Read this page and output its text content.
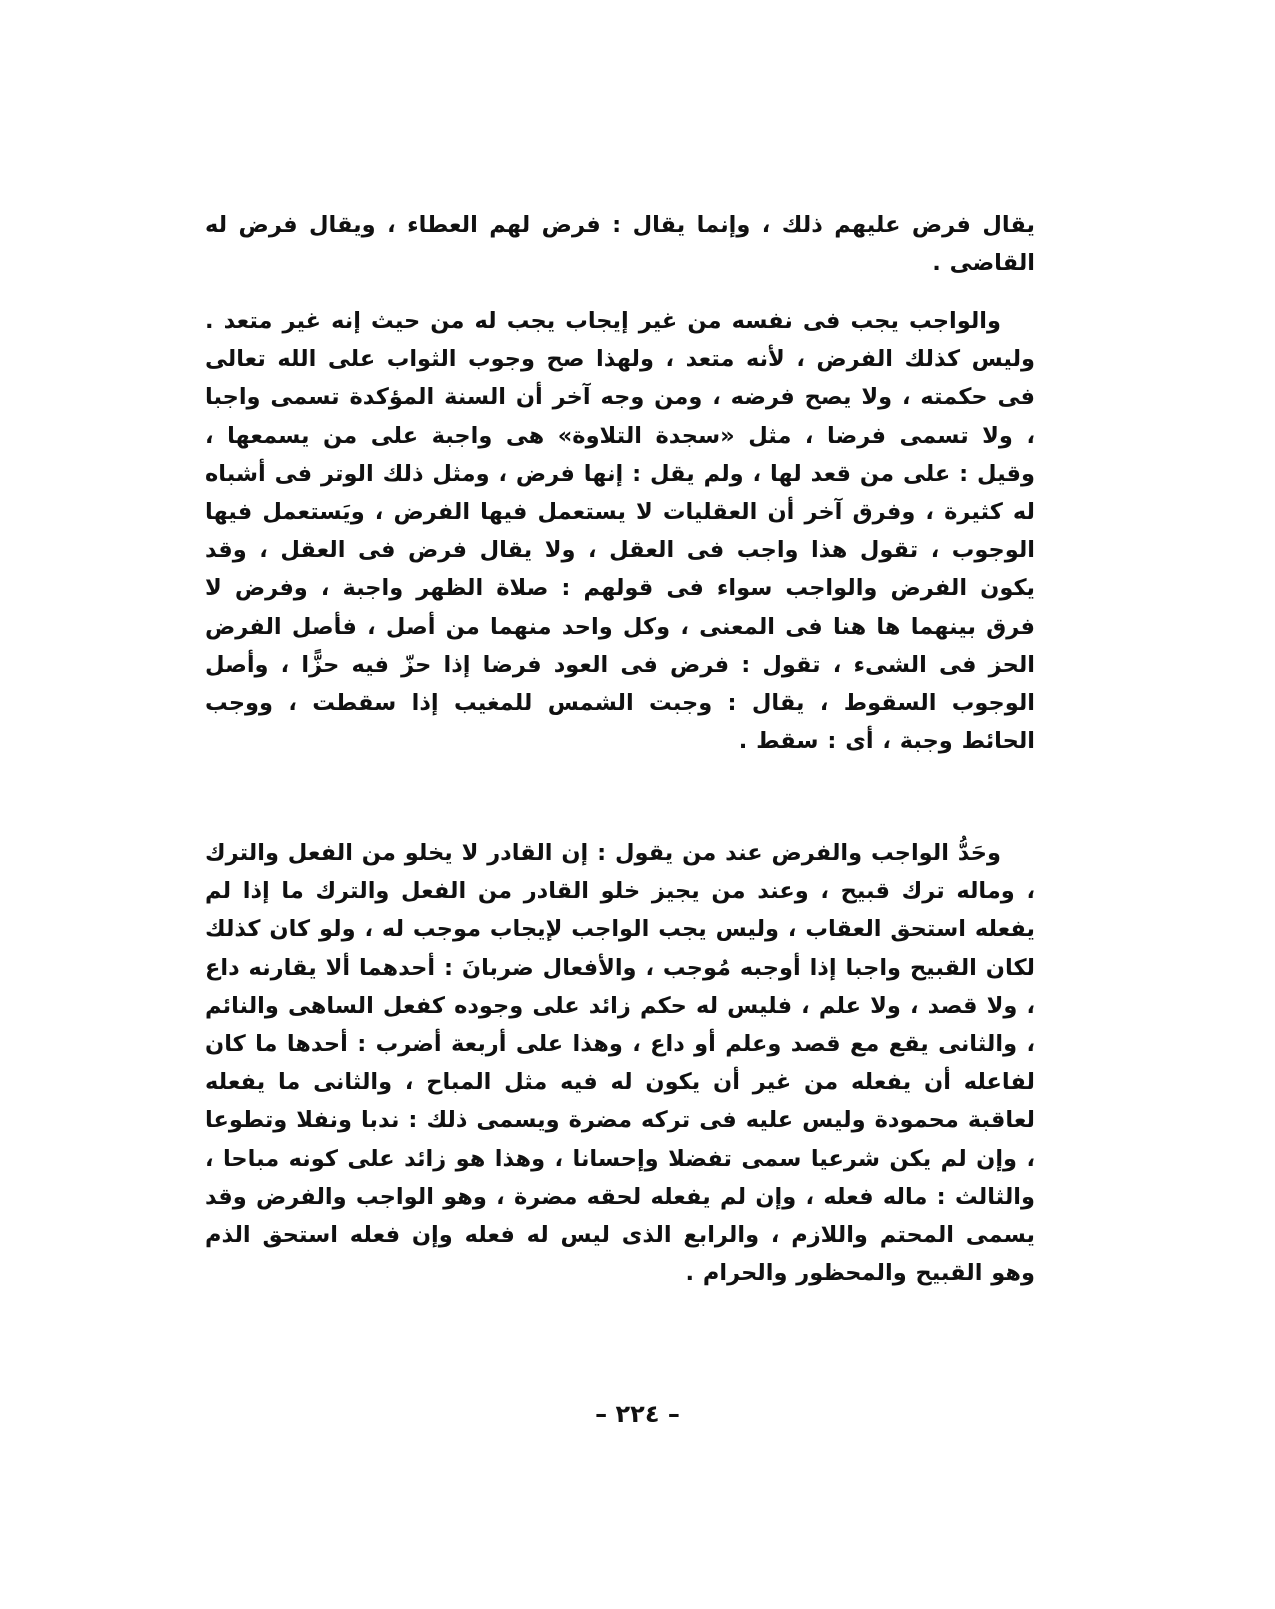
يقال فرض عليهم ذلك ، وإنما يقال : فرض لهم العطاء ، ويقال فرض له القاضى .

والواجب يجب فى نفسه من غير إيجاب يجب له من حيث إنه غير متعد . وليس كذلك الفرض ، لأنه متعد ، ولهذا صح وجوب الثواب على الله تعالى فى حكمته ، ولا يصح فرضه ، ومن وجه آخر أن السنة المؤكدة تسمى واجبا ، ولا تسمى فرضا ، مثل «سجدة التلاوة» هى واجبة على من يسمعها ، وقيل : على من قعد لها ، ولم يقل : إنها فرض ، ومثل ذلك الوتر فى أشباه له كثيرة ، وفرق آخر أن العقليات لا يستعمل فيها الفرض ، ويَستعمل فيها الوجوب ، تقول هذا واجب فى العقل ، ولا يقال فرض فى العقل ، وقد يكون الفرض والواجب سواء فى قولهم : صلاة الظهر واجبة ، وفرض لا فرق بينهما ها هنا فى المعنى ، وكل واحد منهما من أصل ، فأصل الفرض الحز فى الشىء ، تقول : فرض فى العود فرضا إذا حزّ فيه حزًّا ، وأصل الوجوب السقوط ، يقال : وجبت الشمس للمغيب إذا سقطت ، ووجب الحائط وجبة ، أى : سقط .

وحَدُّ الواجب والفرض عند من يقول : إن القادر لا يخلو من الفعل والترك ، وماله ترك قبيح ، وعند من يجيز خلو القادر من الفعل والترك ما إذا لم يفعله استحق العقاب ، وليس يجب الواجب لإيجاب موجب له ، ولو كان كذلك لكان القبيح واجبا إذا أوجبه مُوجب ، والأفعال ضربانَ : أحدهما ألا يقارنه داع ، ولا قصد ، ولا علم ، فليس له حكم زائد على وجوده كفعل الساهى والنائم ، والثانى يقع مع قصد وعلم أو داع ، وهذا على أربعة أضرب : أحدها ما كان لفاعله أن يفعله من غير أن يكون له فيه مثل المباح ، والثانى ما يفعله لعاقبة محمودة وليس عليه فى تركه مضرة ويسمى ذلك : ندبا ونفلا وتطوعا ، وإن لم يكن شرعيا سمى تفضلا وإحسانا ، وهذا هو زائد على كونه مباحا ، والثالث : ماله فعله ، وإن لم يفعله لحقه مضرة ، وهو الواجب والفرض وقد يسمى المحتم واللازم ، والرابع الذى ليس له فعله وإن فعله استحق الذم وهو القبيح والمحظور والحرام .

– ٢٢٤ –
